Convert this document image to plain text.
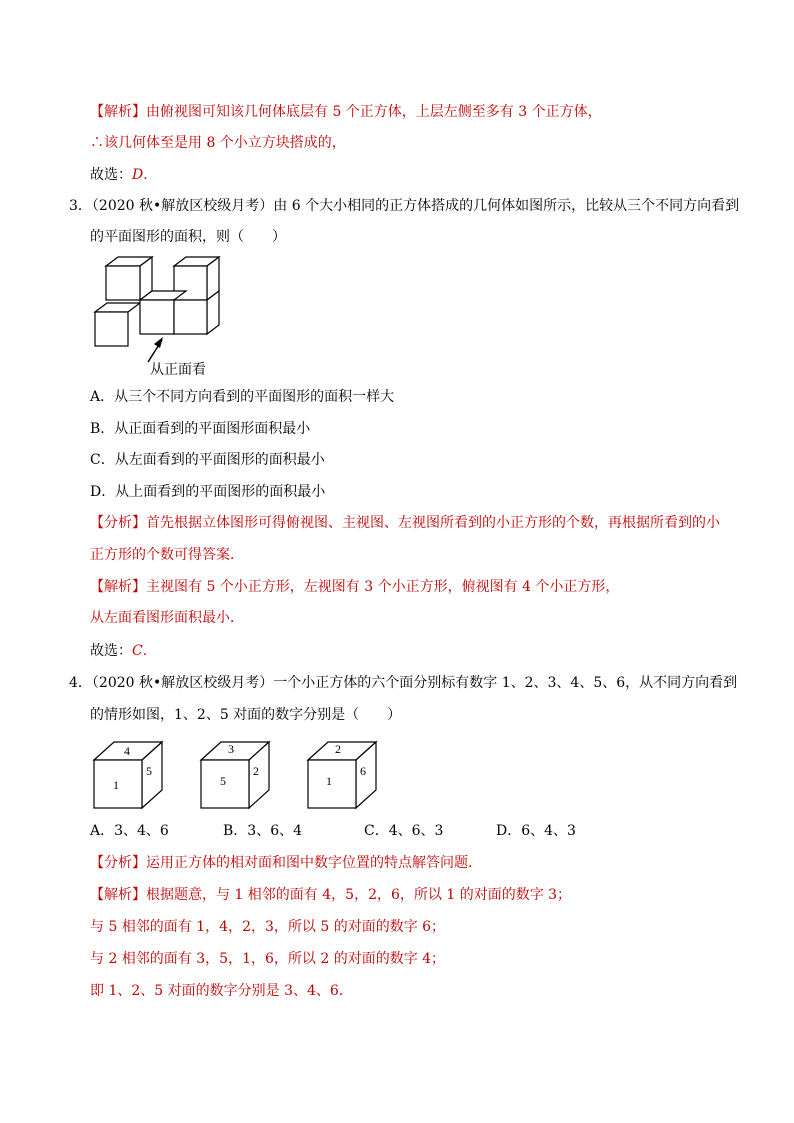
【解析】由俯视图可知该几何体底层有 5 个正方体，上层左侧至多有 3 个正方体，
∴该几何体至是用 8 个小立方块搭成的，
故选：D.
3．（2020 秋•解放区校级月考）由 6 个大小相同的正方体搭成的几何体如图所示，比较从三个不同方向看到
的平面图形的面积，则（　　）
从正面看
A．从三个不同方向看到的平面图形的面积一样大
B．从正面看到的平面图形面积最小
C．从左面看到的平面图形的面积最小
D．从上面看到的平面图形的面积最小
【分析】首先根据立体图形可得俯视图、主视图、左视图所看到的小正方形的个数，再根据所看到的小
正方形的个数可得答案．
【解析】主视图有 5 个小正方形，左视图有 3 个小正方形，俯视图有 4 个小正方形，
从左面看图形面积最小．
故选：C.
4．（2020 秋•解放区校级月考）一个小正方体的六个面分别标有数字 1、2、3、4、5、6，从不同方向看到
的情形如图，1、2、5 对面的数字分别是（　　）
4
1
5
3
5
2
2
1
6
A．3、4、6	B．3、6、4	C．4、6、3	D．6、4、3
【分析】运用正方体的相对面和图中数字位置的特点解答问题．
【解析】根据题意，与 1 相邻的面有 4，5，2，6，所以 1 的对面的数字 3；
与 5 相邻的面有 1，4，2，3，所以 5 的对面的数字 6；
与 2 相邻的面有 3，5，1，6，所以 2 的对面的数字 4；
即 1、2、5 对面的数字分别是 3、4、6．
